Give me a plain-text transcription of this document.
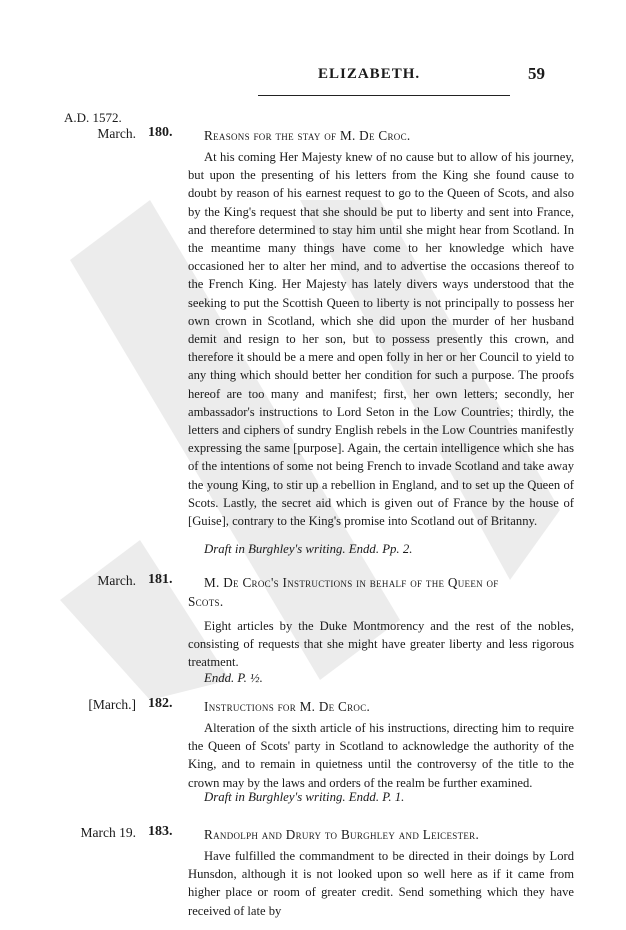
ELIZABETH.	59
A.D. 1572.
March. 180. Reasons for the stay of M. De Croc.
At his coming Her Majesty knew of no cause but to allow of his journey, but upon the presenting of his letters from the King she found cause to doubt by reason of his earnest request to go to the Queen of Scots, and also by the King's request that she should be put to liberty and sent into France, and therefore determined to stay him until she might hear from Scotland. In the meantime many things have come to her knowledge which have occasioned her to alter her mind, and to advertise the occasions thereof to the French King. Her Majesty has lately divers ways understood that the seeking to put the Scottish Queen to liberty is not principally to possess her own crown in Scotland, which she did upon the murder of her husband demit and resign to her son, but to possess presently this crown, and therefore it should be a mere and open folly in her or her Council to yield to any thing which should better her condition for such a purpose. The proofs hereof are too many and manifest; first, her own letters; secondly, her ambassador's instructions to Lord Seton in the Low Countries; thirdly, the letters and ciphers of sundry English rebels in the Low Countries manifestly expressing the same [purpose]. Again, the certain intelligence which she has of the intentions of some not being French to invade Scotland and take away the young King, to stir up a rebellion in England, and to set up the Queen of Scots. Lastly, the secret aid which is given out of France by the house of [Guise], contrary to the King's promise into Scotland out of Britanny.
Draft in Burghley's writing. Endd. Pp. 2.
March. 181. M. De Croc's Instructions in behalf of the Queen of
Scots.
Eight articles by the Duke Montmorency and the rest of the nobles, consisting of requests that she might have greater liberty and less rigorous treatment.
Endd. P. ½.
[March.] 182. Instructions for M. De Croc.
Alteration of the sixth article of his instructions, directing him to require the Queen of Scots' party in Scotland to acknowledge the authority of the King, and to remain in quietness until the controversy of the title to the crown may by the laws and orders of the realm be further examined.
Draft in Burghley's writing. Endd. P. 1.
March 19. 183. Randolph and Drury to Burghley and Leicester.
Have fulfilled the commandment to be directed in their doings by Lord Hunsdon, although it is not looked upon so well here as if it came from higher place or room of greater credit. Send something which they have received of late by
